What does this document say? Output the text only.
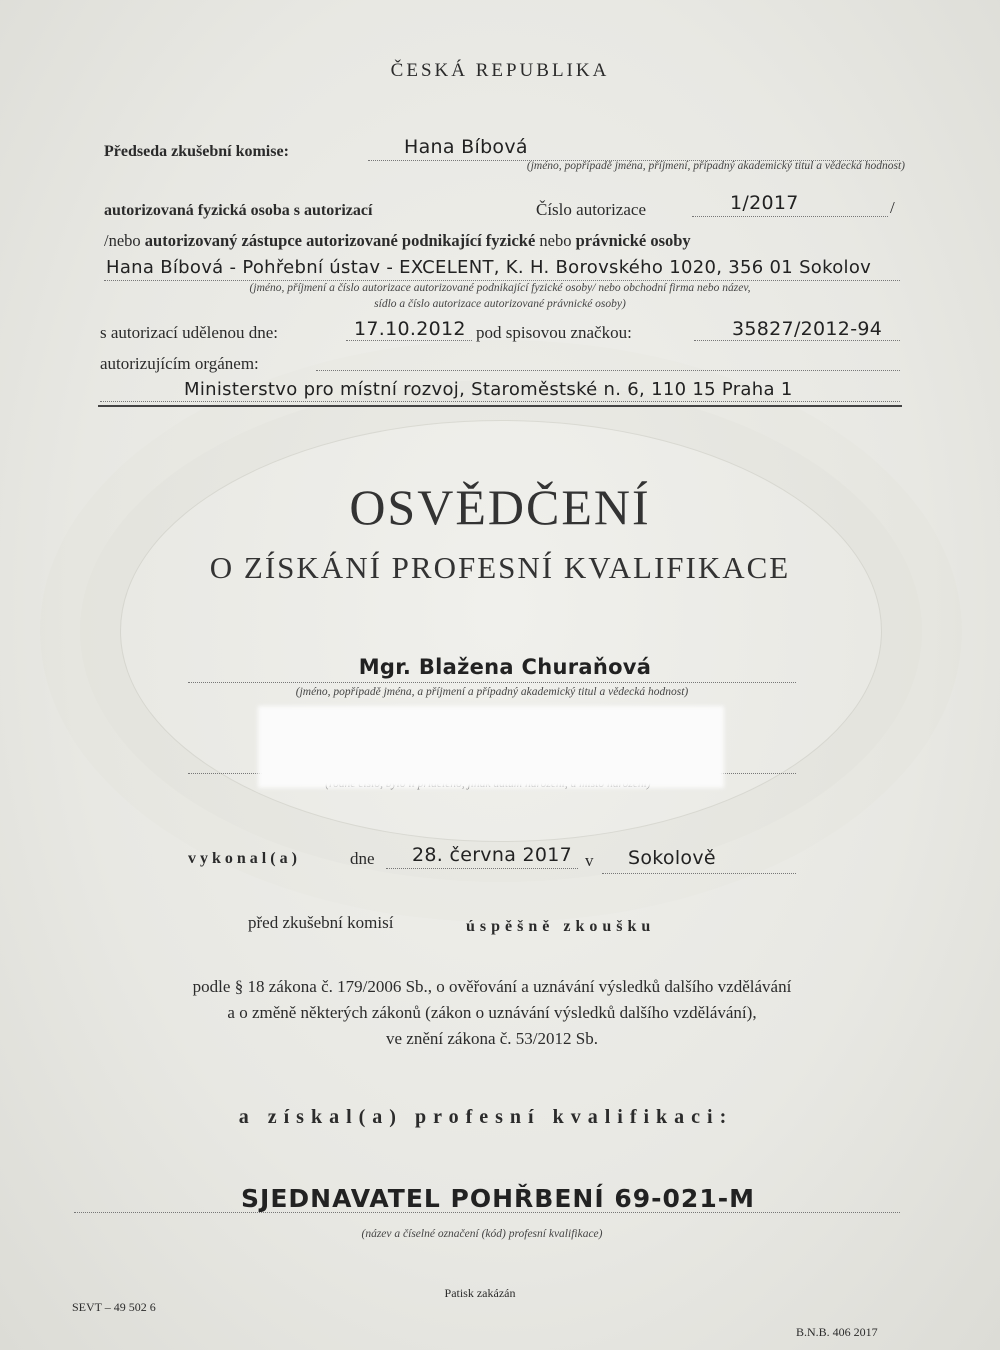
ČESKÁ REPUBLIKA
Předseda zkušební komise:	Hana Bíbová
(jméno, popřípadě jména, příjmení, případný akademický titul a vědecká hodnost)
autorizovaná fyzická osoba s autorizací	Číslo autorizace	1/2017	/
/nebo autorizovaný zástupce autorizované podnikající fyzické nebo právnické osoby
Hana Bíbová - Pohřební ústav - EXCELENT, K. H. Borovského 1020, 356 01 Sokolov
(jméno, příjmení a číslo autorizace autorizované podnikající fyzické osoby/ nebo obchodní firma nebo název,
sídlo a číslo autorizace autorizované právnické osoby)
s autorizací udělenou dne:	17.10.2012 pod spisovou značkou:	35827/2012-94
autorizujícím orgánem:
Ministerstvo pro místní rozvoj, Staroměstské n. 6, 110 15 Praha 1
OSVĚDČENÍ
O ZÍSKÁNÍ PROFESNÍ KVALIFIKACE
Mgr. Blažena Churaňová
(jméno, popřípadě jména, a příjmení a případný akademický titul a vědecká hodnost)
vykonal(a)	dne 28. června 2017 v Sokolově
před zkušební komisí	úspěšně zkoušku
podle § 18 zákona č. 179/2006 Sb., o ověřování a uznávání výsledků dalšího vzdělávání
a o změně některých zákonů (zákon o uznávání výsledků dalšího vzdělávání),
ve znění zákona č. 53/2012 Sb.
a získal(a) profesní kvalifikaci:
SJEDNAVATEL POHŘBENÍ 69-021-M
(název a číselné označení (kód) profesní kvalifikace)
Patisk zakázán
SEVT – 49 502 6
B.N.B. 406 2017
